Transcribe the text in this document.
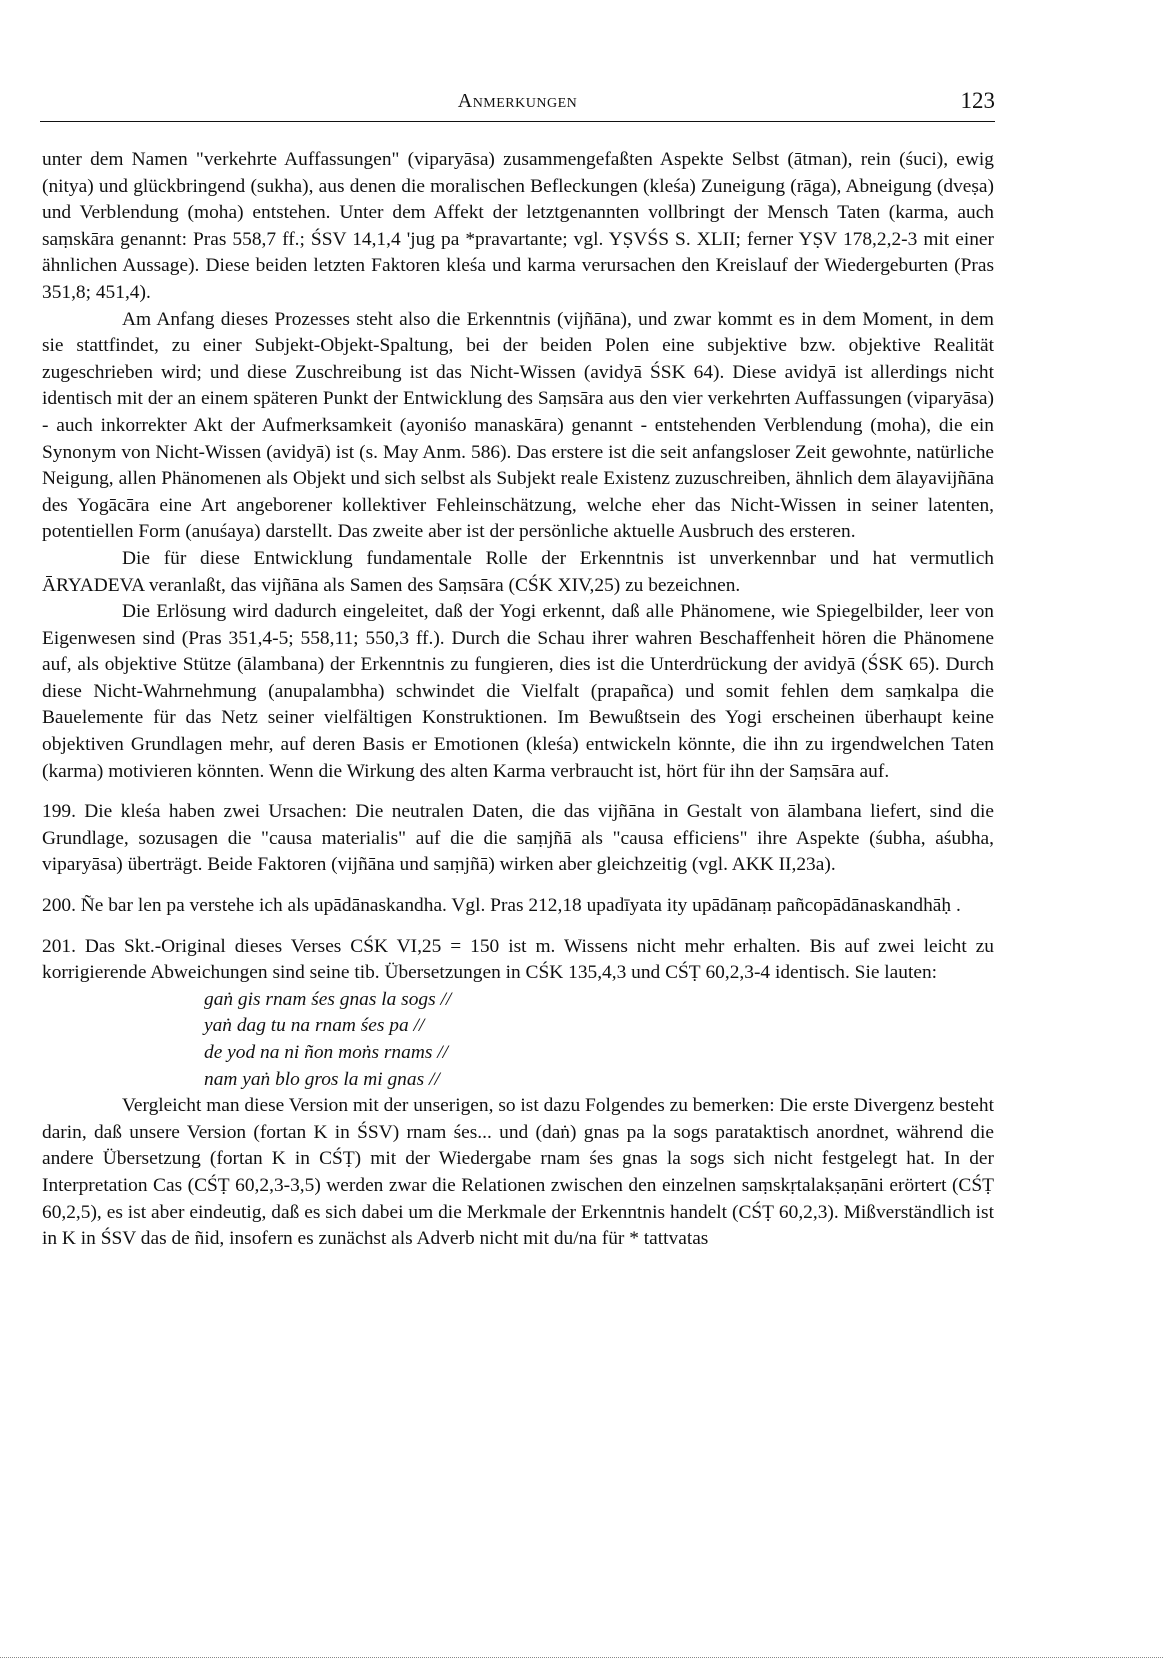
Anmerkungen	123

unter dem Namen "verkehrte Auffassungen" (viparyāsa) zusammengefaßten Aspekte Selbst (ātman), rein (śuci), ewig (nitya) und glückbringend (sukha), aus denen die moralischen Befleckungen (kleśa) Zuneigung (rāga), Abneigung (dveṣa) und Verblendung (moha) entstehen. Unter dem Affekt der letztgenannten vollbringt der Mensch Taten (karma, auch saṃskāra genannt: Pras 558,7 ff.; ŚSV 14,1,4 'jug pa *pravartante; vgl. YṢVŚS S. XLII; ferner YṢV 178,2,2-3 mit einer ähnlichen Aussage). Diese beiden letzten Faktoren kleśa und karma verursachen den Kreislauf der Wiedergeburten (Pras 351,8; 451,4).

Am Anfang dieses Prozesses steht also die Erkenntnis (vijñāna), und zwar kommt es in dem Moment, in dem sie stattfindet, zu einer Subjekt-Objekt-Spaltung, bei der beiden Polen eine subjektive bzw. objektive Realität zugeschrieben wird; und diese Zuschreibung ist das Nicht-Wissen (avidyā ŚSK 64). Diese avidyā ist allerdings nicht identisch mit der an einem späteren Punkt der Entwicklung des Saṃsāra aus den vier verkehrten Auffassungen (viparyāsa) - auch inkorrekter Akt der Aufmerksamkeit (ayoniśo manaskāra) genannt - entstehenden Verblendung (moha), die ein Synonym von Nicht-Wissen (avidyā) ist (s. May Anm. 586). Das erstere ist die seit anfangsloser Zeit gewohnte, natürliche Neigung, allen Phänomenen als Objekt und sich selbst als Subjekt reale Existenz zuzuschreiben, ähnlich dem ālayavijñāna des Yogācāra eine Art angeborener kollektiver Fehleinschätzung, welche eher das Nicht-Wissen in seiner latenten, potentiellen Form (anuśaya) darstellt. Das zweite aber ist der persönliche aktuelle Ausbruch des ersteren.

Die für diese Entwicklung fundamentale Rolle der Erkenntnis ist unverkennbar und hat vermutlich ĀRYADEVA veranlaßt, das vijñāna als Samen des Saṃsāra (CŚK XIV,25) zu bezeichnen.

Die Erlösung wird dadurch eingeleitet, daß der Yogi erkennt, daß alle Phänomene, wie Spiegelbilder, leer von Eigenwesen sind (Pras 351,4-5; 558,11; 550,3 ff.). Durch die Schau ihrer wahren Beschaffenheit hören die Phänomene auf, als objektive Stütze (ālambana) der Erkenntnis zu fungieren, dies ist die Unterdrückung der avidyā (ŚSK 65). Durch diese Nicht-Wahrnehmung (anupalambha) schwindet die Vielfalt (prapañca) und somit fehlen dem saṃkalpa die Bauelemente für das Netz seiner vielfältigen Konstruktionen. Im Bewußtsein des Yogi erscheinen überhaupt keine objektiven Grundlagen mehr, auf deren Basis er Emotionen (kleśa) entwickeln könnte, die ihn zu irgendwelchen Taten (karma) motivieren könnten. Wenn die Wirkung des alten Karma verbraucht ist, hört für ihn der Saṃsāra auf.

199. Die kleśa haben zwei Ursachen: Die neutralen Daten, die das vijñāna in Gestalt von ālambana liefert, sind die Grundlage, sozusagen die "causa materialis" auf die die saṃjñā als "causa efficiens" ihre Aspekte (śubha, aśubha, viparyāsa) überträgt. Beide Faktoren (vijñāna und saṃjñā) wirken aber gleichzeitig (vgl. AKK II,23a).

200. Ñe bar len pa verstehe ich als upādānaskandha. Vgl. Pras 212,18 upadīyata ity upādānaṃ pañcopādānaskandhāḥ .

201. Das Skt.-Original dieses Verses CŚK VI,25 = 150 ist m. Wissens nicht mehr erhalten. Bis auf zwei leicht zu korrigierende Abweichungen sind seine tib. Übersetzungen in CŚK 135,4,3 und CŚṬ 60,2,3-4 identisch. Sie lauten:

gaṅ gis rnam śes gnas la sogs //
yaṅ dag tu na rnam śes pa //
de yod na ni ñon moṅs rnams //
nam yaṅ blo gros la mi gnas //

Vergleicht man diese Version mit der unserigen, so ist dazu Folgendes zu bemerken: Die erste Divergenz besteht darin, daß unsere Version (fortan K in ŚSV) rnam śes... und (daṅ) gnas pa la sogs parataktisch anordnet, während die andere Übersetzung (fortan K in CŚṬ) mit der Wiedergabe rnam śes gnas la sogs sich nicht festgelegt hat. In der Interpretation Cas (CŚṬ 60,2,3-3,5) werden zwar die Relationen zwischen den einzelnen saṃskṛtalakṣaṇāni erörtert (CŚṬ 60,2,5), es ist aber eindeutig, daß es sich dabei um die Merkmale der Erkenntnis handelt (CŚṬ 60,2,3). Mißverständlich ist in K in ŚSV das de ñid, insofern es zunächst als Adverb nicht mit du/na für * tattvatas
